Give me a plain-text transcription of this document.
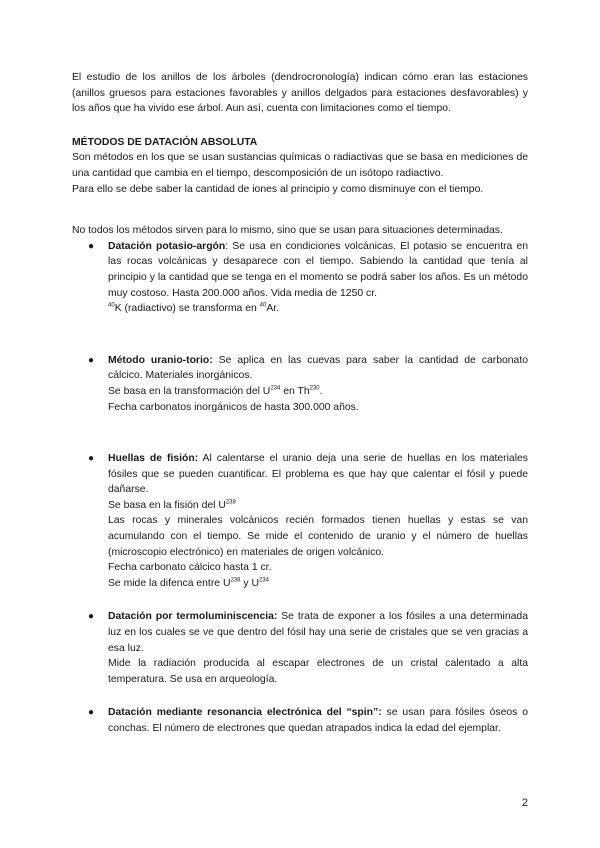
El estudio de los anillos de los árboles (dendrocronología) indican cómo eran las estaciones (anillos gruesos para estaciones favorables y anillos delgados para estaciones desfavorables) y los años que ha vivido ese árbol. Aun así, cuenta con limitaciones como el tiempo.

MÉTODOS DE DATACIÓN ABSOLUTA

Son métodos en los que se usan sustancias químicas o radiactivas que se basa en mediciones de una cantidad que cambia en el tiempo, descomposición de un isótopo radiactivo.

Para ello se debe saber la cantidad de iones al principio y como disminuye con el tiempo.

No todos los métodos sirven para lo mismo, sino que se usan para situaciones determinadas.

● Datación potasio-argón: Se usa en condiciones volcánicas. El potasio se encuentra en las rocas volcánicas y desaparece con el tiempo. Sabiendo la cantidad que tenía al principio y la cantidad que se tenga en el momento se podrá saber los años. Es un método muy costoso. Hasta 200.000 años. Vida media de 1250 cr.

$^{40}$K (radiactivo) se transforma en $^{40}$Ar.

● Método uranio-torio: Se aplica en las cuevas para saber la cantidad de carbonato cálcico. Materiales inorgánicos.

Se basa en la transformación del $U^{234}$ en Th$^{230}$.

Fecha carbonatos inorgánicos de hasta 300.000 años.

● Huellas de fisión: Al calentarse el uranio deja una serie de huellas en los materiales fósiles que se pueden cuantificar. El problema es que hay que calentar el fósil y puede dañarse.

Se basa en la fisión del $U^{238}$

Las rocas y minerales volcánicos recién formados tienen huellas y estas se van acumulando con el tiempo. Se mide el contenido de uranio y el número de huellas (microscopio electrónico) en materiales de origen volcánico.

Fecha carbonato cálcico hasta 1 cr.

Se mide la difenca entre $U^{238}$ y $U^{234}$

● Datación por termoluminiscencia: Se trata de exponer a los fósiles a una determinada luz en los cuales se ve que dentro del fósil hay una serie de cristales que se ven gracias a esa luz.

Mide la radiación producida al escapar electrones de un cristal calentado a alta temperatura. Se usa en arqueología.

● Datación mediante resonancia electrónica del “spin”: se usan para fósiles óseos o conchas. El número de electrones que quedan atrapados indica la edad del ejemplar.

2
